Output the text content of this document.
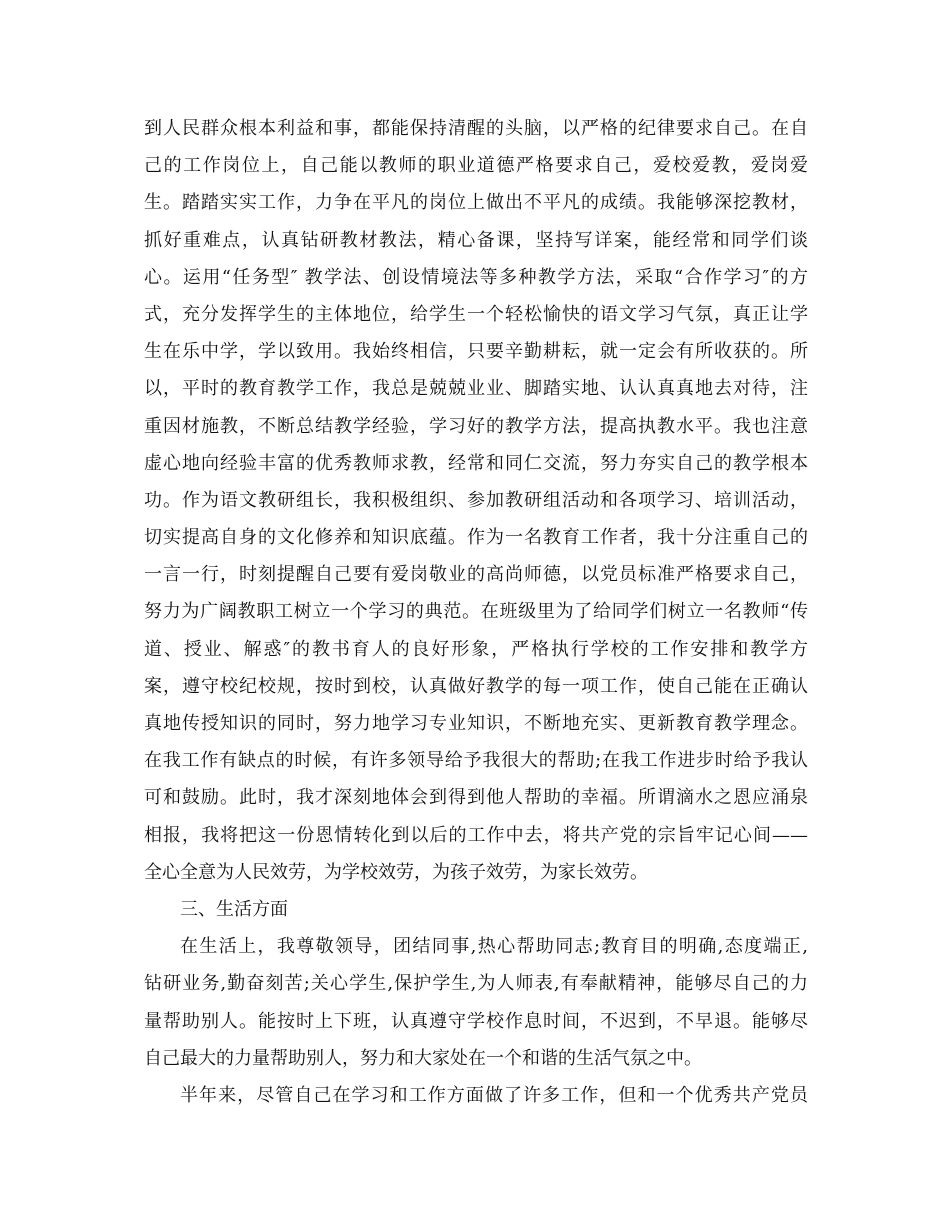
到人民群众根本利益和事，都能保持清醒的头脑，以严格的纪律要求自己。在自
己的工作岗位上，自己能以教师的职业道德严格要求自己，爱校爱教，爱岗爱
生。踏踏实实工作，力争在平凡的岗位上做出不平凡的成绩。我能够深挖教材，
抓好重难点，认真钻研教材教法，精心备课，坚持写详案，能经常和同学们谈
心。运用“任务型″ 教学法、创设情境法等多种教学方法，采取“合作学习″的方
式，充分发挥学生的主体地位，给学生一个轻松愉快的语文学习气氛，真正让学
生在乐中学，学以致用。我始终相信，只要辛勤耕耘，就一定会有所收获的。所
以，平时的教育教学工作，我总是兢兢业业、脚踏实地、认认真真地去对待，注
重因材施教，不断总结教学经验，学习好的教学方法，提高执教水平。我也注意
虚心地向经验丰富的优秀教师求教，经常和同仁交流，努力夯实自己的教学根本
功。作为语文教研组长，我积极组织、参加教研组活动和各项学习、培训活动，
切实提高自身的文化修养和知识底蕴。作为一名教育工作者，我十分注重自己的
一言一行，时刻提醒自己要有爱岗敬业的高尚师德，以党员标准严格要求自己，
努力为广阔教职工树立一个学习的典范。在班级里为了给同学们树立一名教师“传
道、授业、解惑″的教书育人的良好形象，严格执行学校的工作安排和教学方
案，遵守校纪校规，按时到校，认真做好教学的每一项工作，使自己能在正确认
真地传授知识的同时，努力地学习专业知识，不断地充实、更新教育教学理念。
在我工作有缺点的时候，有许多领导给予我很大的帮助;在我工作进步时给予我认
可和鼓励。此时，我才深刻地体会到得到他人帮助的幸福。所谓滴水之恩应涌泉
相报，我将把这一份恩情转化到以后的工作中去，将共产党的宗旨牢记心间——
全心全意为人民效劳，为学校效劳，为孩子效劳，为家长效劳。
三、生活方面
在生活上，我尊敬领导，团结同事,热心帮助同志;教育目的明确,态度端正,
钻研业务,勤奋刻苦;关心学生,保护学生,为人师表,有奉献精神，能够尽自己的力
量帮助别人。能按时上下班，认真遵守学校作息时间，不迟到，不早退。能够尽
自己最大的力量帮助别人，努力和大家处在一个和谐的生活气氛之中。
半年来，尽管自己在学习和工作方面做了许多工作，但和一个优秀共产党员
